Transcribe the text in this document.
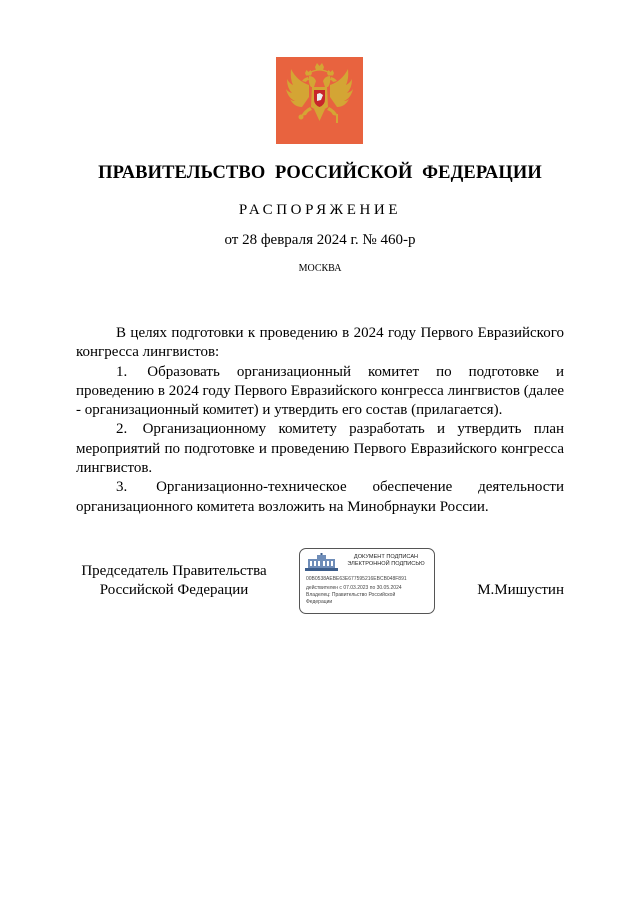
ПРАВИТЕЛЬСТВО РОССИЙСКОЙ ФЕДЕРАЦИИ
РАСПОРЯЖЕНИЕ
от 28 февраля 2024 г. № 460-р
МОСКВА

В целях подготовки к проведению в 2024 году Первого Евразийского конгресса лингвистов:

1. Образовать организационный комитет по подготовке и проведению в 2024 году Первого Евразийского конгресса лингвистов (далее - организационный комитет) и утвердить его состав (прилагается).

2. Организационному комитету разработать и утвердить план мероприятий по подготовке и проведению Первого Евразийского конгресса лингвистов.

3. Организационно-техническое обеспечение деятельности организационного комитета возложить на Минобрнауки России.

Председатель Правительства
Российской Федерации
ДОКУМЕНТ ПОДПИСАН
ЭЛЕКТРОННОЙ ПОДПИСЬЮ
00B0538AEBE63E677595216EBCB048F891
действителен с 07.03.2023 по 30.05.2024
Владелец: Правительство Российской
Федерации
М.Мишустин
